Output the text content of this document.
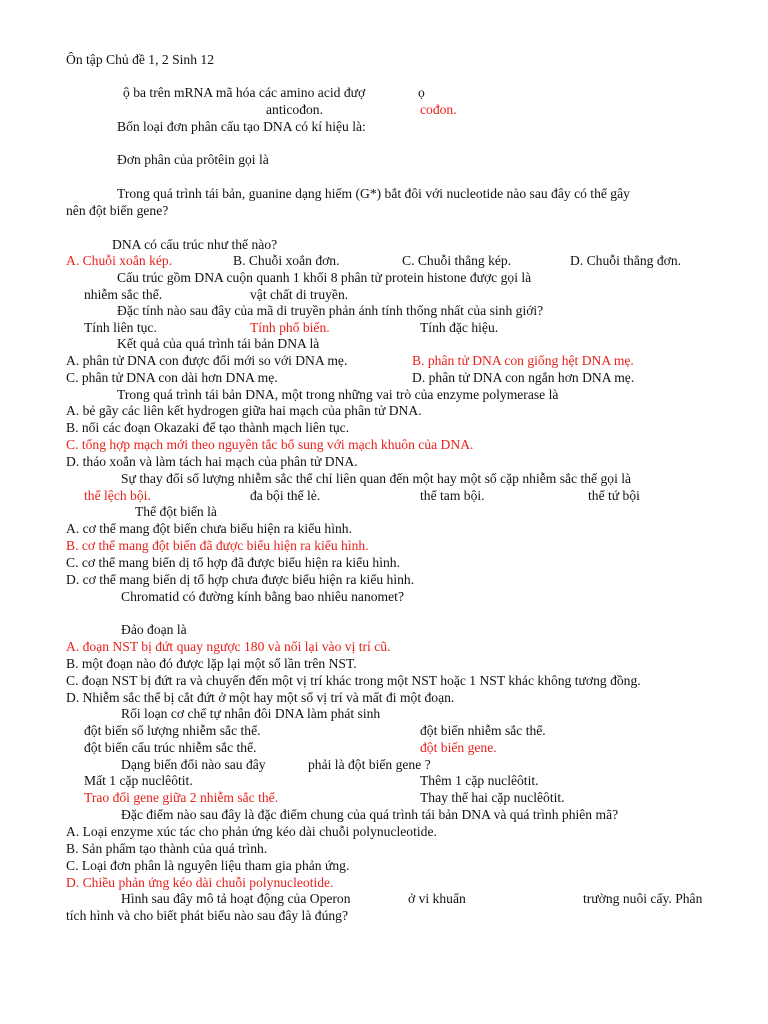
Ôn tập Chủ đề 1, 2 Sinh 12
ộ ba trên mRNA mã hóa các amino acid đượ	ọ
anticođon.	cođon.
Bốn loại đơn phân cấu tạo DNA có kí hiệu là:
Đơn phân của prôtêin gọi là
Trong quá trình tái bản, guanine dạng hiếm (G*) bắt đôi với nucleotide nào sau đây có thể gây
nên đột biến gene?
DNA có cấu trúc như thế nào?
A. Chuỗi xoắn kép.	B. Chuỗi xoắn đơn.	C. Chuỗi thẳng kép.	D. Chuỗi thẳng đơn.
Cấu trúc gồm DNA cuộn quanh 1 khối 8 phân tử protein histone được gọi là
nhiễm sắc thể.	vật chất di truyền.
Đặc tính nào sau đây của mã di truyền phản ánh tính thống nhất của sinh giới?
Tính liên tục.	Tính phổ biến.	Tính đặc hiệu.
Kết quả của quá trình tái bản DNA là
A. phân tử DNA con được đổi mới so với DNA mẹ.	B. phân tử DNA con giống hệt DNA mẹ.
C. phân tử DNA con dài hơn DNA mẹ.	D. phân tử DNA con ngắn hơn DNA mẹ.
Trong quá trình tái bản DNA, một trong những vai trò của enzyme polymerase là
A. bẻ gãy các liên kết hydrogen giữa hai mạch của phân tử DNA.
B. nối các đoạn Okazaki để tạo thành mạch liên tục.
C. tổng hợp mạch mới theo nguyên tắc bổ sung với mạch khuôn của DNA.
D. tháo xoắn và làm tách hai mạch của phân tử DNA.
Sự thay đổi số lượng nhiễm sắc thể chỉ liên quan đến một hay một số cặp nhiễm sắc thể gọi là
thể lệch bội.	đa bội thể lẻ.	thể tam bội.	thể tứ bội
Thể đột biến là
A. cơ thể mang đột biến chưa biểu hiện ra kiểu hình.
B. cơ thể mang đột biến đã được biểu hiện ra kiểu hình.
C. cơ thể mang biến dị tổ hợp đã được biểu hiện ra kiểu hình.
D. cơ thể mang biến dị tổ hợp chưa được biểu hiện ra kiểu hình.
Chromatid có đường kính bằng bao nhiêu nanomet?
Đảo đoạn là
A. đoạn NST bị đứt quay ngược 180 và nối lại vào vị trí cũ.
B. một đoạn nào đó được lặp lại một số lần trên NST.
C. đoạn NST bị đứt ra và chuyển đến một vị trí khác trong một NST hoặc 1 NST khác không tương đồng.
D. Nhiễm sắc thể bị cắt đứt ở một hay một số vị trí và mất đi một đoạn.
Rối loạn cơ chế tự nhân đôi DNA làm phát sinh
đột biến số lượng nhiễm sắc thể.	đột biến nhiễm sắc thể.
đột biến cấu trúc nhiễm sắc thể.	đột biến gene.
Dạng biến đổi nào sau đây	phải là đột biến gene ?
Mất 1 cặp nuclêôtit.	Thêm 1 cặp nuclêôtit.
Trao đổi gene giữa 2 nhiễm sắc thể.	Thay thế hai cặp nuclêôtit.
Đặc điểm nào sau đây là đặc điểm chung của quá trình tái bản DNA và quá trình phiên mã?
A. Loại enzyme xúc tác cho phản ứng kéo dài chuỗi polynucleotide.
B. Sản phẩm tạo thành của quá trình.
C. Loại đơn phân là nguyên liệu tham gia phản ứng.
D. Chiều phản ứng kéo dài chuỗi polynucleotide.
Hình sau đây mô tả hoạt động của Operon	ở vi khuẩn	trường nuôi cấy. Phân
tích hình và cho biết phát biểu nào sau đây là đúng?
